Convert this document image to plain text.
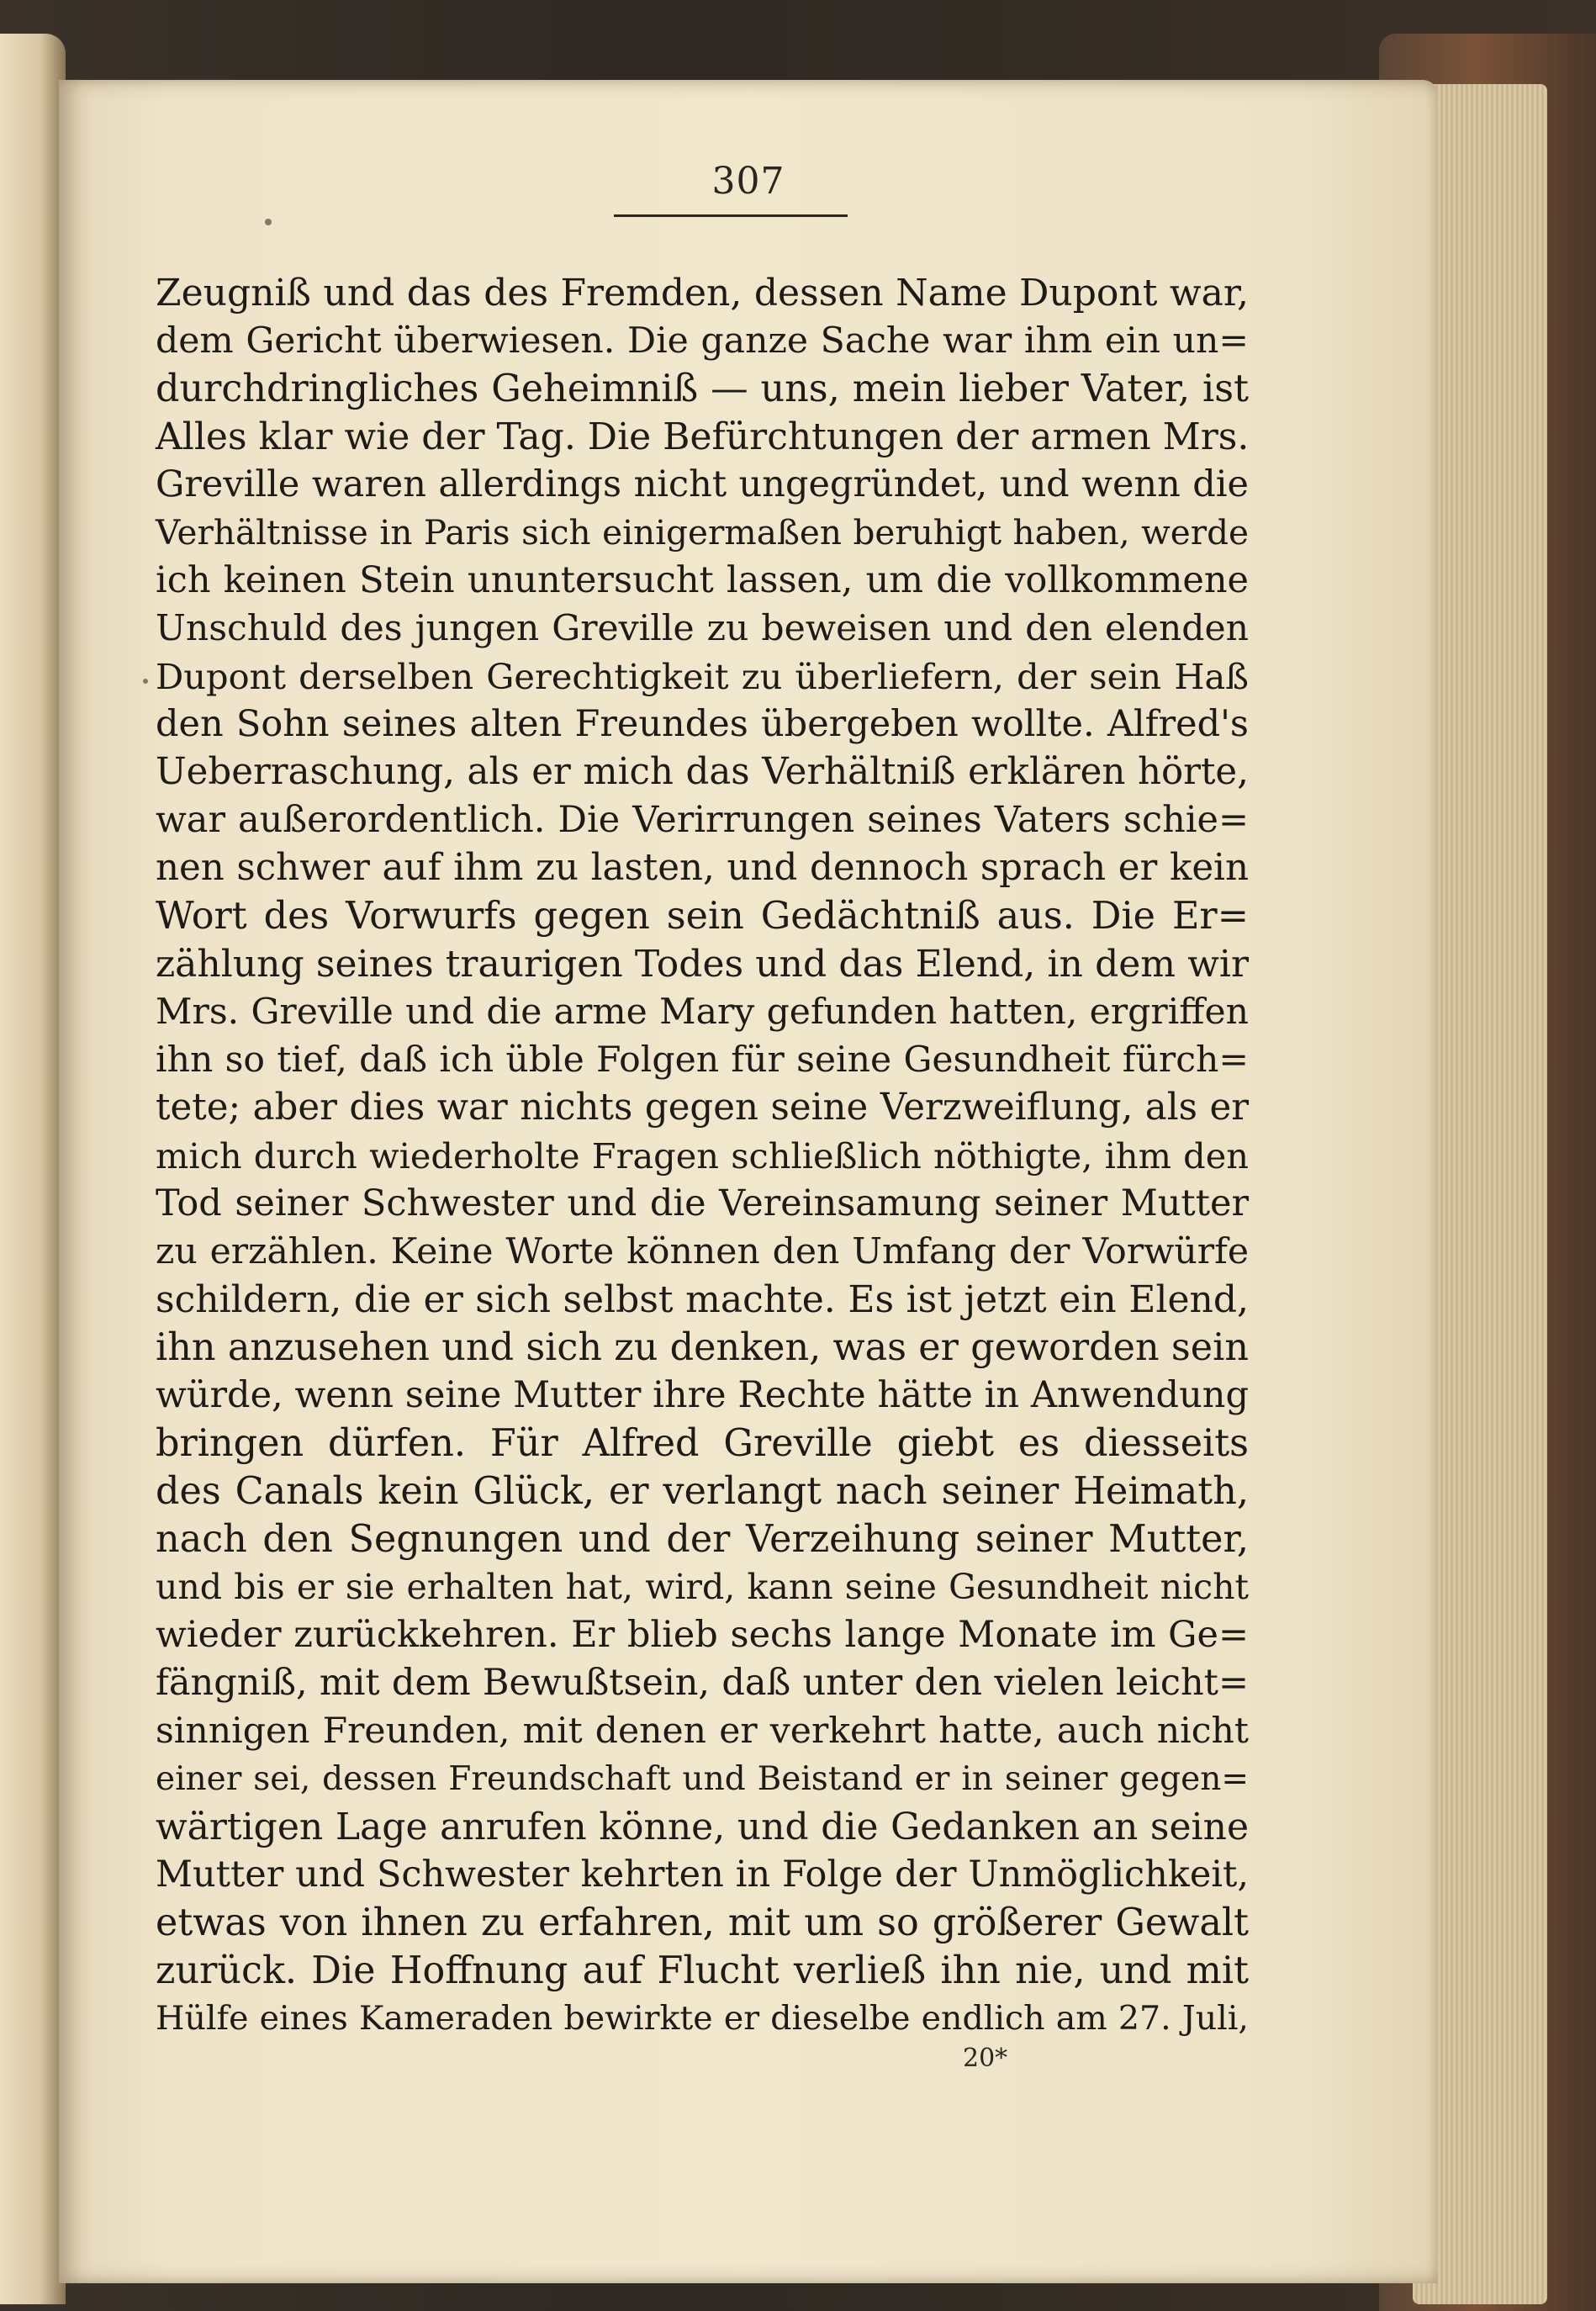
307
Zeugniß und das des Fremden, dessen Name Dupont war,
dem Gericht überwiesen. Die ganze Sache war ihm ein un=
durchdringliches Geheimniß — uns, mein lieber Vater, ist
Alles klar wie der Tag. Die Befürchtungen der armen Mrs.
Greville waren allerdings nicht ungegründet, und wenn die
Verhältnisse in Paris sich einigermaßen beruhigt haben, werde
ich keinen Stein ununtersucht lassen, um die vollkommene
Unschuld des jungen Greville zu beweisen und den elenden
Dupont derselben Gerechtigkeit zu überliefern, der sein Haß
den Sohn seines alten Freundes übergeben wollte. Alfred's
Ueberraschung, als er mich das Verhältniß erklären hörte,
war außerordentlich. Die Verirrungen seines Vaters schie=
nen schwer auf ihm zu lasten, und dennoch sprach er kein
Wort des Vorwurfs gegen sein Gedächtniß aus. Die Er=
zählung seines traurigen Todes und das Elend, in dem wir
Mrs. Greville und die arme Mary gefunden hatten, ergriffen
ihn so tief, daß ich üble Folgen für seine Gesundheit fürch=
tete; aber dies war nichts gegen seine Verzweiflung, als er
mich durch wiederholte Fragen schließlich nöthigte, ihm den
Tod seiner Schwester und die Vereinsamung seiner Mutter
zu erzählen. Keine Worte können den Umfang der Vorwürfe
schildern, die er sich selbst machte. Es ist jetzt ein Elend,
ihn anzusehen und sich zu denken, was er geworden sein
würde, wenn seine Mutter ihre Rechte hätte in Anwendung
bringen dürfen. Für Alfred Greville giebt es diesseits
des Canals kein Glück, er verlangt nach seiner Heimath,
nach den Segnungen und der Verzeihung seiner Mutter,
und bis er sie erhalten hat, wird, kann seine Gesundheit nicht
wieder zurückkehren. Er blieb sechs lange Monate im Ge=
fängniß, mit dem Bewußtsein, daß unter den vielen leicht=
sinnigen Freunden, mit denen er verkehrt hatte, auch nicht
einer sei, dessen Freundschaft und Beistand er in seiner gegen=
wärtigen Lage anrufen könne, und die Gedanken an seine
Mutter und Schwester kehrten in Folge der Unmöglichkeit,
etwas von ihnen zu erfahren, mit um so größerer Gewalt
zurück. Die Hoffnung auf Flucht verließ ihn nie, und mit
Hülfe eines Kameraden bewirkte er dieselbe endlich am 27. Juli,
20*
